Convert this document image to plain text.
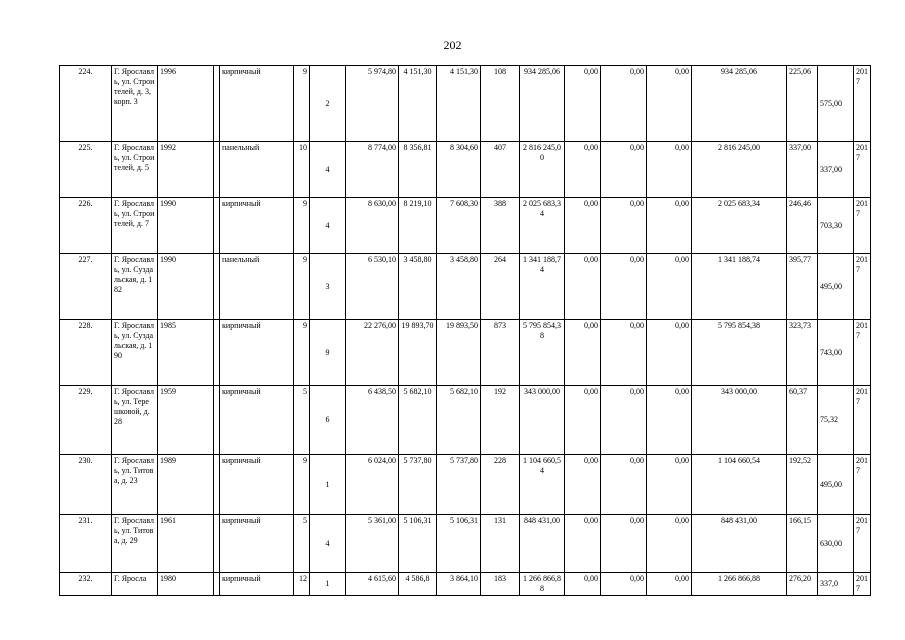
202
224.	Г. Ярославль, ул. Строителей, д. 3, корп. 3	1996		кирпичный	9	2	5 974,80	4 151,30	4 151,30	108	934 285,06	0,00	0,00	0,00	934 285,06	225,06	575,00	2017
225.	Г. Ярославль, ул. Строителей, д. 5	1992		панельный	10	4	8 774,00	8 356,81	8 304,60	407	2 816 245,00	0,00	0,00	0,00	2 816 245,00	337,00	337,00	2017
226.	Г. Ярославль, ул. Строителей, д. 7	1990		кирпичный	9	4	8 630,00	8 219,10	7 608,30	388	2 025 683,34	0,00	0,00	0,00	2 025 683,34	246,46	703,30	2017
227.	Г. Ярославль, ул. Суздальская, д. 182	1990		панельный	9	3	6 530,10	3 458,80	3 458,80	264	1 341 188,74	0,00	0,00	0,00	1 341 188,74	395,77	495,00	2017
228.	Г. Ярославль, ул. Суздальская, д. 190	1985		кирпичный	9	9	22 276,00	19 893,70	19 893,50	873	5 795 854,38	0,00	0,00	0,00	5 795 854,38	323,73	743,00	2017
229.	Г. Ярославль, ул. Терешковой, д. 28	1959		кирпичный	5	6	6 438,50	5 682,10	5 682,10	192	343 000,00	0,00	0,00	0,00	343 000,00	60,37	75,32	2017
230.	Г. Ярославль, ул. Титова, д. 23	1989		кирпичный	9	1	6 024,00	5 737,80	5 737,80	228	1 104 660,54	0,00	0,00	0,00	1 104 660,54	192,52	495,00	2017
231.	Г. Ярославль, ул. Титова, д. 29	1961		кирпичный	5	4	5 361,00	5 106,31	5 106,31	131	848 431,00	0,00	0,00	0,00	848 431,00	166,15	630,00	2017
232.	Г. Яросла	1980		кирпичный	12	1	4 615,60	4 586,8	3 864,10	183	1 266 866,88	0,00	0,00	0,00	1 266 866,88	276,20	337,0	2017
